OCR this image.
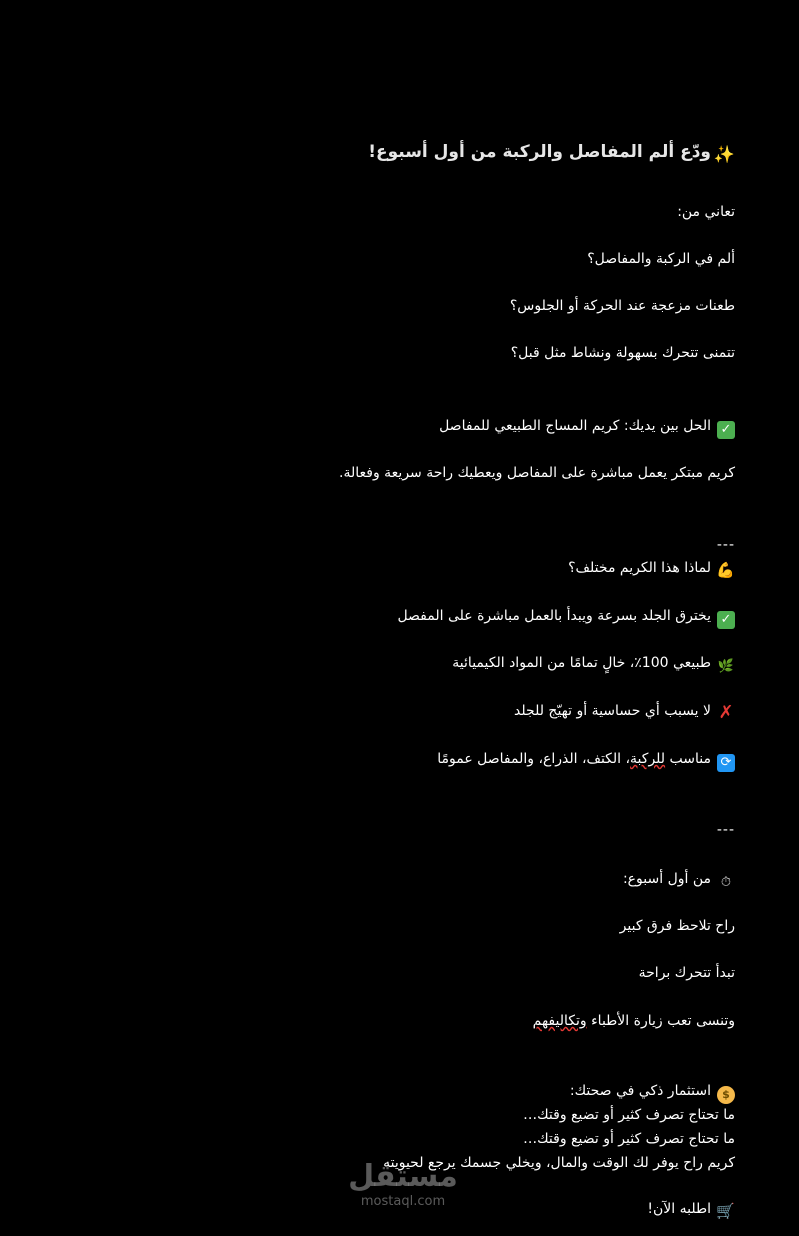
✨ودّع ألم المفاصل والركبة من أول أسبوع!
تعاني من:
ألم في الركبة والمفاصل؟
طعنات مزعجة عند الحركة أو الجلوس؟
تتمنى تتحرك بسهولة ونشاط مثل قبل؟
✓الحل بين يديك: كريم المساج الطبيعي للمفاصل
كريم مبتكر يعمل مباشرة على المفاصل ويعطيك راحة سريعة وفعالة.
---
💪لماذا هذا الكريم مختلف؟
✓يخترق الجلد بسرعة ويبدأ بالعمل مباشرة على المفصل
🌿طبيعي 100٪، خالٍ تمامًا من المواد الكيميائية
✗لا يسبب أي حساسية أو تهيّج للجلد
⟳مناسب للركبة، الكتف، الذراع، والمفاصل عمومًا
---
⏱من أول أسبوع:
راح تلاحظ فرق كبير
تبدأ تتحرك براحة
وتنسى تعب زيارة الأطباء وتكاليفهم
$استثمار ذكي في صحتك:
ما تحتاج تصرف كثير أو تضيع وقتك…
ما تحتاج تصرف كثير أو تضيع وقتك…
كريم راح يوفر لك الوقت والمال، ويخلي جسمك يرجع لحيويته
🛒اطلبه الآن!
مستقل
mostaql.com
